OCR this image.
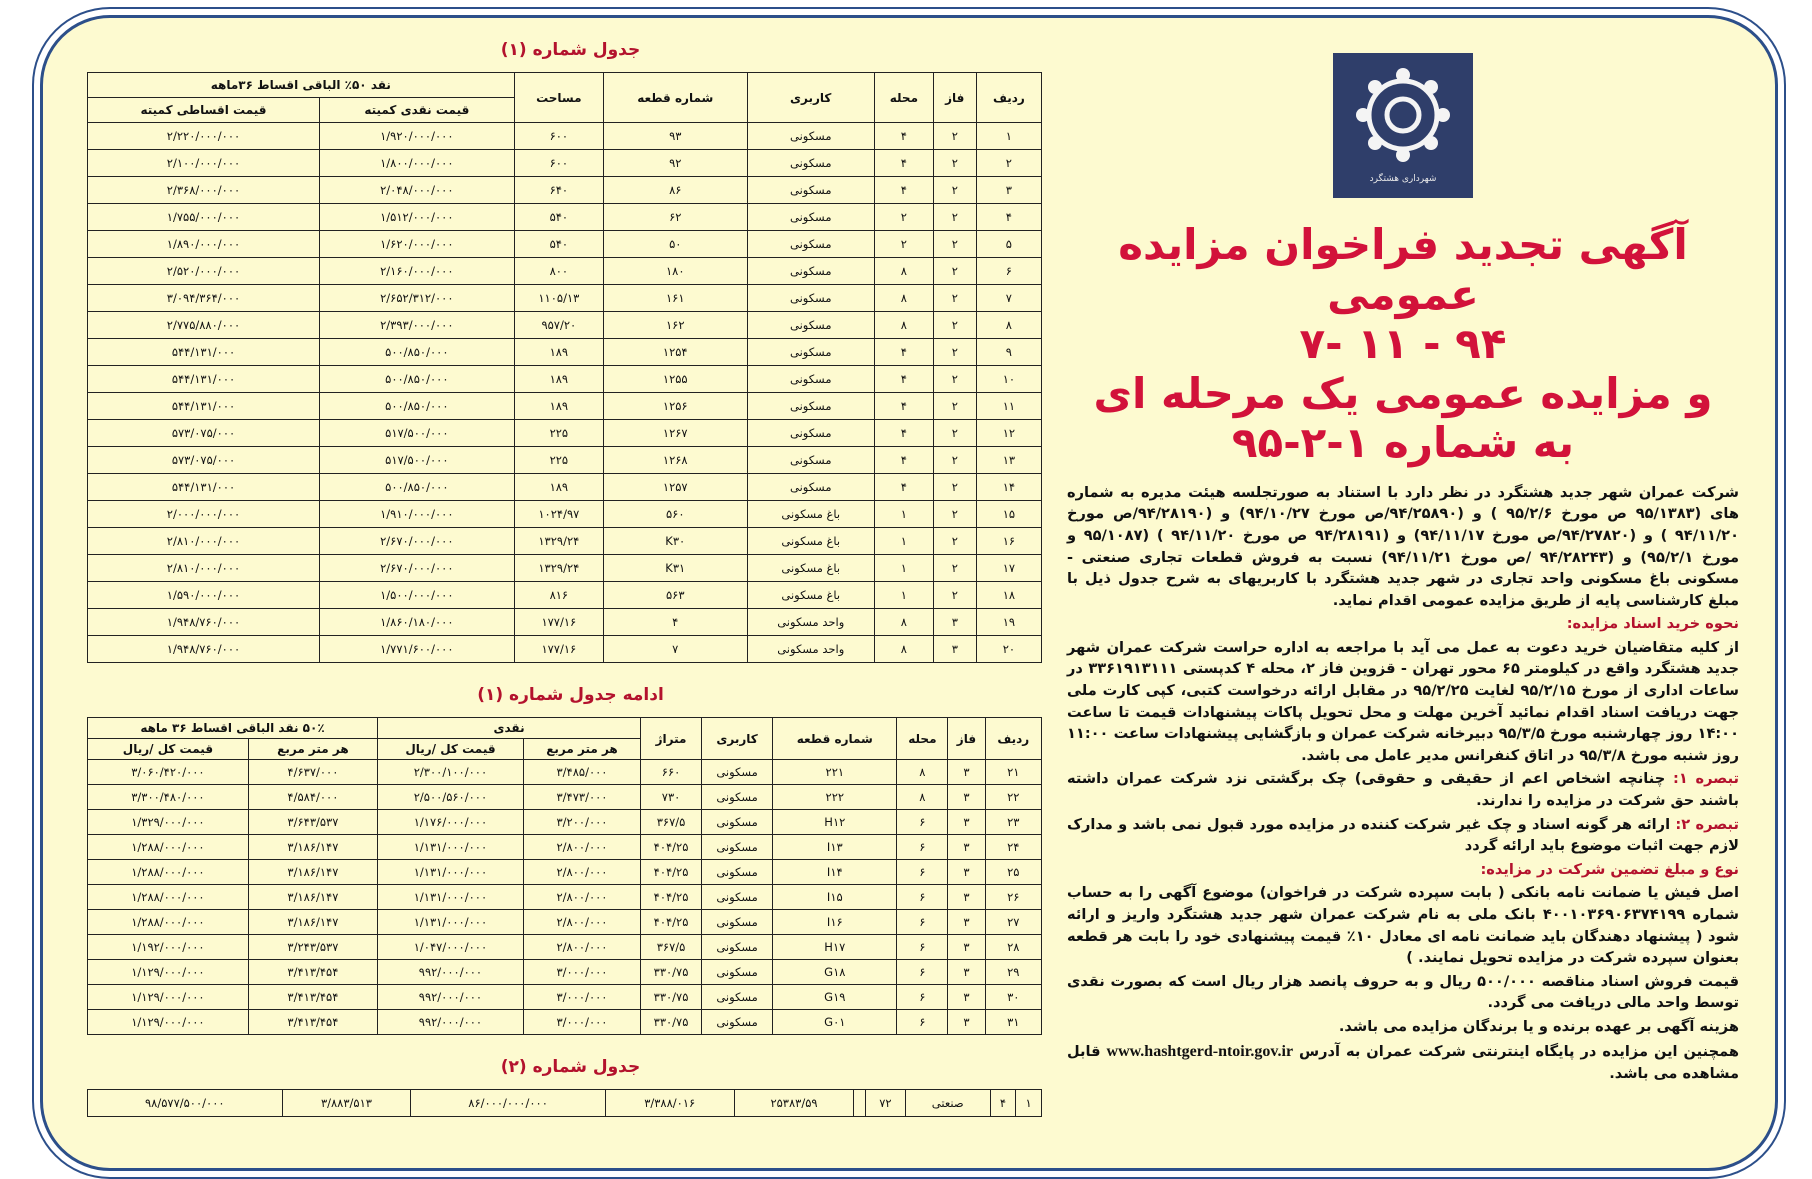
شهرداری هشتگرد
آگهی تجدید فراخوان مزایده عمومی
۷- ۱۱ - ۹۴
و مزایده عمومی یک مرحله ای
به شماره ۱-۲-۹۵

شرکت عمران شهر جدید هشتگرد در نظر دارد با استناد به صورتجلسه هیئت مدیره به شماره های (۹۵/۱۳۸۳ ص مورخ ۹۵/۲/۶ ) و (۹۴/۲۵۸۹۰/ص مورخ ۹۴/۱۰/۲۷) و (۹۴/۲۸۱۹۰/ص مورخ ۹۴/۱۱/۲۰ ) و (۹۴/۲۷۸۲۰/ص مورخ ۹۴/۱۱/۱۷) و (۹۴/۲۸۱۹۱ ص مورخ ۹۴/۱۱/۲۰ ) (۹۵/۱۰۸۷ و مورخ ۹۵/۲/۱) و (۹۴/۲۸۲۴۳ /ص مورخ ۹۴/۱۱/۲۱) نسبت به فروش قطعات تجاری صنعتی - مسکونی باغ مسکونی واحد تجاری در شهر جدید هشتگرد با کاربریهای به شرح جدول ذیل با مبلغ کارشناسی پایه از طریق مزایده عمومی اقدام نماید.

نحوه خرید اسناد مزایده:

از کلیه متقاضیان خرید دعوت به عمل می آید با مراجعه به اداره حراست شرکت عمران شهر جدید هشتگرد واقع در کیلومتر ۶۵ محور تهران - قزوین فاز ۲، محله ۴ کدپستی ۳۳۶۱۹۱۳۱۱۱ در ساعات اداری از مورخ ۹۵/۲/۱۵ لغایت ۹۵/۲/۲۵ در مقابل ارائه درخواست کتبی، کپی کارت ملی جهت دریافت اسناد اقدام نمائید آخرین مهلت و محل تحویل پاکات پیشنهادات قیمت تا ساعت ۱۴:۰۰ روز چهارشنبه مورخ ۹۵/۳/۵ دبیرخانه شرکت عمران و بازگشایی پیشنهادات ساعت ۱۱:۰۰ روز شنبه مورخ ۹۵/۳/۸ در اتاق کنفرانس مدیر عامل می باشد.

تبصره ۱: چنانچه اشخاص اعم از حقیقی و حقوقی) چک برگشتی نزد شرکت عمران داشته باشند حق شرکت در مزایده را ندارند.

تبصره ۲: ارائه هر گونه اسناد و چک غیر شرکت کننده در مزایده مورد قبول نمی باشد و مدارک لازم جهت اثبات موضوع باید ارائه گردد

نوع و مبلغ تضمین شرکت در مزایده:

اصل فیش یا ضمانت نامه بانکی ( بابت سپرده شرکت در فراخوان) موضوع آگهی را به حساب شماره ۴۰۰۱۰۳۶۹۰۶۳۷۴۱۹۹ بانک ملی به نام شرکت عمران شهر جدید هشتگرد واریز و ارائه شود ( پیشنهاد دهندگان باید ضمانت نامه ای معادل ۱۰٪ قیمت پیشنهادی خود را بابت هر قطعه بعنوان سپرده شرکت در مزایده تحویل نمایند. )

قیمت فروش اسناد مناقصه ۵۰۰/۰۰۰ ریال و به حروف پانصد هزار ریال است که بصورت نقدی توسط واحد مالی دریافت می گردد.

هزینه آگهی بر عهده برنده و یا برندگان مزایده می باشد.

همچنین این مزایده در پایگاه اینترنتی شرکت عمران به آدرس www.hashtgerd-ntoir.gov.ir قابل مشاهده می باشد.

جدول شماره (۱)
ردیف	فاز	محله	کاربری	شماره قطعه	مساحت	نقد ۵۰٪ الباقی اقساط ۳۶ماهه	
						قیمت نقدی کمیته	قیمت اقساطی کمیته
۱	۲	۴	مسکونی	۹۳	۶۰۰	۱/۹۲۰/۰۰۰/۰۰۰	۲/۲۲۰/۰۰۰/۰۰۰
۲	۲	۴	مسکونی	۹۲	۶۰۰	۱/۸۰۰/۰۰۰/۰۰۰	۲/۱۰۰/۰۰۰/۰۰۰
۳	۲	۴	مسکونی	۸۶	۶۴۰	۲/۰۴۸/۰۰۰/۰۰۰	۲/۳۶۸/۰۰۰/۰۰۰
۴	۲	۲	مسکونی	۶۲	۵۴۰	۱/۵۱۲/۰۰۰/۰۰۰	۱/۷۵۵/۰۰۰/۰۰۰
۵	۲	۲	مسکونی	۵۰	۵۴۰	۱/۶۲۰/۰۰۰/۰۰۰	۱/۸۹۰/۰۰۰/۰۰۰
۶	۲	۸	مسکونی	۱۸۰	۸۰۰	۲/۱۶۰/۰۰۰/۰۰۰	۲/۵۲۰/۰۰۰/۰۰۰
۷	۲	۸	مسکونی	۱۶۱	۱۱۰۵/۱۳	۲/۶۵۲/۳۱۲/۰۰۰	۳/۰۹۴/۳۶۴/۰۰۰
۸	۲	۸	مسکونی	۱۶۲	۹۵۷/۲۰	۲/۳۹۳/۰۰۰/۰۰۰	۲/۷۷۵/۸۸۰/۰۰۰
۹	۲	۴	مسکونی	۱۲۵۴	۱۸۹	۵۰۰/۸۵۰/۰۰۰	۵۴۴/۱۳۱/۰۰۰
۱۰	۲	۴	مسکونی	۱۲۵۵	۱۸۹	۵۰۰/۸۵۰/۰۰۰	۵۴۴/۱۳۱/۰۰۰
۱۱	۲	۴	مسکونی	۱۲۵۶	۱۸۹	۵۰۰/۸۵۰/۰۰۰	۵۴۴/۱۳۱/۰۰۰
۱۲	۲	۴	مسکونی	۱۲۶۷	۲۲۵	۵۱۷/۵۰۰/۰۰۰	۵۷۳/۰۷۵/۰۰۰
۱۳	۲	۴	مسکونی	۱۲۶۸	۲۲۵	۵۱۷/۵۰۰/۰۰۰	۵۷۳/۰۷۵/۰۰۰
۱۴	۲	۴	مسکونی	۱۲۵۷	۱۸۹	۵۰۰/۸۵۰/۰۰۰	۵۴۴/۱۳۱/۰۰۰
۱۵	۲	۱	باغ مسکونی	۵۶۰	۱۰۲۴/۹۷	۱/۹۱۰/۰۰۰/۰۰۰	۲/۰۰۰/۰۰۰/۰۰۰
۱۶	۲	۱	باغ مسکونی	K۳۰	۱۳۲۹/۲۴	۲/۶۷۰/۰۰۰/۰۰۰	۲/۸۱۰/۰۰۰/۰۰۰
۱۷	۲	۱	باغ مسکونی	K۳۱	۱۳۲۹/۲۴	۲/۶۷۰/۰۰۰/۰۰۰	۲/۸۱۰/۰۰۰/۰۰۰
۱۸	۲	۱	باغ مسکونی	۵۶۳	۸۱۶	۱/۵۰۰/۰۰۰/۰۰۰	۱/۵۹۰/۰۰۰/۰۰۰
۱۹	۳	۸	واحد مسکونی	۴	۱۷۷/۱۶	۱/۸۶۰/۱۸۰/۰۰۰	۱/۹۴۸/۷۶۰/۰۰۰
۲۰	۳	۸	واحد مسکونی	۷	۱۷۷/۱۶	۱/۷۷۱/۶۰۰/۰۰۰	۱/۹۴۸/۷۶۰/۰۰۰
ادامه جدول شماره (۱)
ردیف	فاز	محله	شماره قطعه	کاربری	متراژ	نقدی		۵۰٪ نقد الباقی اقساط ۳۶ ماهه	
						هر متر مربع	قیمت کل /ریال	هر متر مربع	قیمت کل /ریال
۲۱	۳	۸	۲۲۱	مسکونی	۶۶۰	۳/۴۸۵/۰۰۰	۲/۳۰۰/۱۰۰/۰۰۰	۴/۶۳۷/۰۰۰	۳/۰۶۰/۴۲۰/۰۰۰
۲۲	۳	۸	۲۲۲	مسکونی	۷۳۰	۳/۴۷۳/۰۰۰	۲/۵۰۰/۵۶۰/۰۰۰	۴/۵۸۴/۰۰۰	۳/۳۰۰/۴۸۰/۰۰۰
۲۳	۳	۶	H۱۲	مسکونی	۳۶۷/۵	۳/۲۰۰/۰۰۰	۱/۱۷۶/۰۰۰/۰۰۰	۳/۶۴۳/۵۳۷	۱/۳۲۹/۰۰۰/۰۰۰
۲۴	۳	۶	I۱۳	مسکونی	۴۰۴/۲۵	۲/۸۰۰/۰۰۰	۱/۱۳۱/۰۰۰/۰۰۰	۳/۱۸۶/۱۴۷	۱/۲۸۸/۰۰۰/۰۰۰
۲۵	۳	۶	I۱۴	مسکونی	۴۰۴/۲۵	۲/۸۰۰/۰۰۰	۱/۱۳۱/۰۰۰/۰۰۰	۳/۱۸۶/۱۴۷	۱/۲۸۸/۰۰۰/۰۰۰
۲۶	۳	۶	I۱۵	مسکونی	۴۰۴/۲۵	۲/۸۰۰/۰۰۰	۱/۱۳۱/۰۰۰/۰۰۰	۳/۱۸۶/۱۴۷	۱/۲۸۸/۰۰۰/۰۰۰
۲۷	۳	۶	I۱۶	مسکونی	۴۰۴/۲۵	۲/۸۰۰/۰۰۰	۱/۱۳۱/۰۰۰/۰۰۰	۳/۱۸۶/۱۴۷	۱/۲۸۸/۰۰۰/۰۰۰
۲۸	۳	۶	H۱۷	مسکونی	۳۶۷/۵	۲/۸۰۰/۰۰۰	۱/۰۴۷/۰۰۰/۰۰۰	۳/۲۴۳/۵۳۷	۱/۱۹۲/۰۰۰/۰۰۰
۲۹	۳	۶	G۱۸	مسکونی	۳۳۰/۷۵	۳/۰۰۰/۰۰۰	۹۹۲/۰۰۰/۰۰۰	۳/۴۱۳/۴۵۴	۱/۱۲۹/۰۰۰/۰۰۰
۳۰	۳	۶	G۱۹	مسکونی	۳۳۰/۷۵	۳/۰۰۰/۰۰۰	۹۹۲/۰۰۰/۰۰۰	۳/۴۱۳/۴۵۴	۱/۱۲۹/۰۰۰/۰۰۰
۳۱	۳	۶	G۰۱	مسکونی	۳۳۰/۷۵	۳/۰۰۰/۰۰۰	۹۹۲/۰۰۰/۰۰۰	۳/۴۱۳/۴۵۴	۱/۱۲۹/۰۰۰/۰۰۰
جدول شماره (۲)
۱	۴	صنعتی	۷۲		۲۵۳۸۳/۵۹	۳/۳۸۸/۰۱۶	۸۶/۰۰۰/۰۰۰/۰۰۰	۳/۸۸۳/۵۱۳	۹۸/۵۷۷/۵۰۰/۰۰۰
